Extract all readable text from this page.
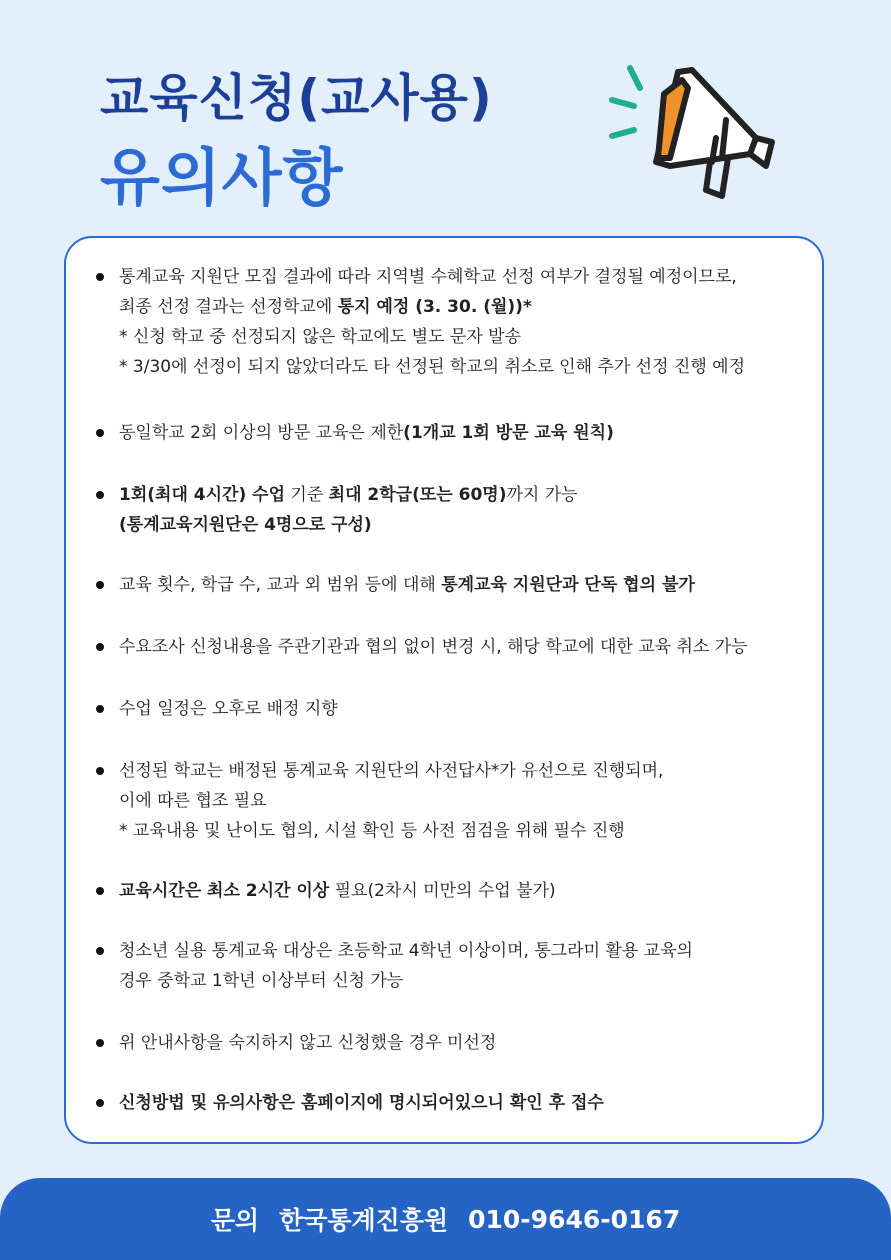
교육신청(교사용)
유의사항
통계교육 지원단 모집 결과에 따라 지역별 수혜학교 선정 여부가 결정될 예정이므로,
최종 선정 결과는 선정학교에 통지 예정 (3. 30. (월))*
* 신청 학교 중 선정되지 않은 학교에도 별도 문자 발송
* 3/30에 선정이 되지 않았더라도 타 선정된 학교의 취소로 인해 추가 선정 진행 예정
동일학교 2회 이상의 방문 교육은 제한(1개교 1회 방문 교육 원칙)
1회(최대 4시간) 수업 기준 최대 2학급(또는 60명)까지 가능
(통계교육지원단은 4명으로 구성)
교육 횟수, 학급 수, 교과 외 범위 등에 대해 통계교육 지원단과 단독 협의 불가
수요조사 신청내용을 주관기관과 협의 없이 변경 시, 해당 학교에 대한 교육 취소 가능
수업 일정은 오후로 배정 지향
선정된 학교는 배정된 통계교육 지원단의 사전답사*가 유선으로 진행되며,
이에 따른 협조 필요
* 교육내용 및 난이도 협의, 시설 확인 등 사전 점검을 위해 필수 진행
교육시간은 최소 2시간 이상 필요(2차시 미만의 수업 불가)
청소년 실용 통계교육 대상은 초등학교 4학년 이상이며, 통그라미 활용 교육의
경우 중학교 1학년 이상부터 신청 가능
위 안내사항을 숙지하지 않고 신청했을 경우 미선정
신청방법 및 유의사항은 홈페이지에 명시되어있으니 확인 후 접수
문의 한국통계진흥원 010-9646-0167
